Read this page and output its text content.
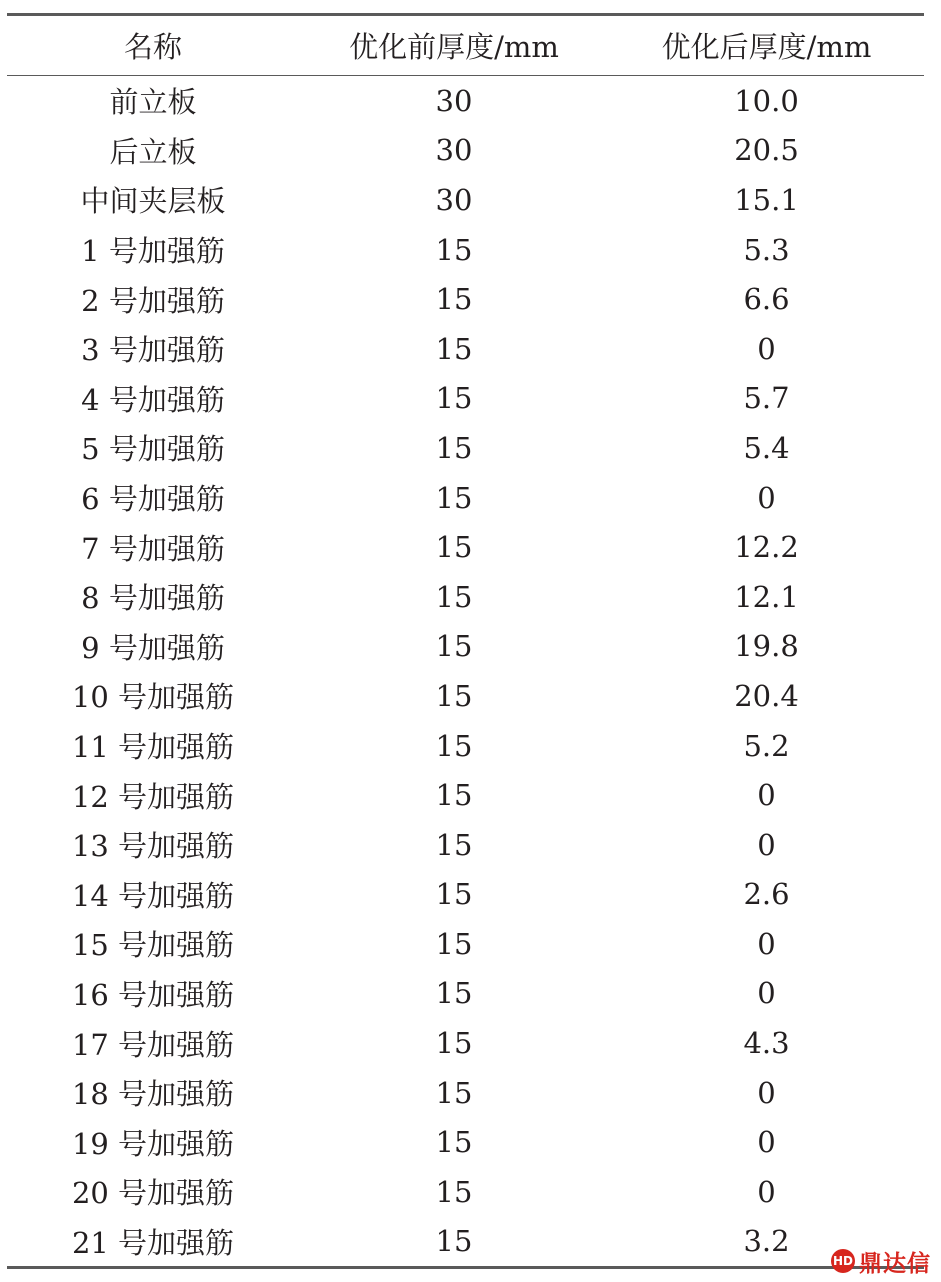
名称	优化前厚度/mm	优化后厚度/mm
前立板	30	10.0
后立板	30	20.5
中间夹层板	30	15.1
1 号加强筋	15	5.3
2 号加强筋	15	6.6
3 号加强筋	15	0
4 号加强筋	15	5.7
5 号加强筋	15	5.4
6 号加强筋	15	0
7 号加强筋	15	12.2
8 号加强筋	15	12.1
9 号加强筋	15	19.8
10 号加强筋	15	20.4
11 号加强筋	15	5.2
12 号加强筋	15	0
13 号加强筋	15	0
14 号加强筋	15	2.6
15 号加强筋	15	0
16 号加强筋	15	0
17 号加强筋	15	4.3
18 号加强筋	15	0
19 号加强筋	15	0
20 号加强筋	15	0
21 号加强筋	15	3.2
HD 鼎达信
